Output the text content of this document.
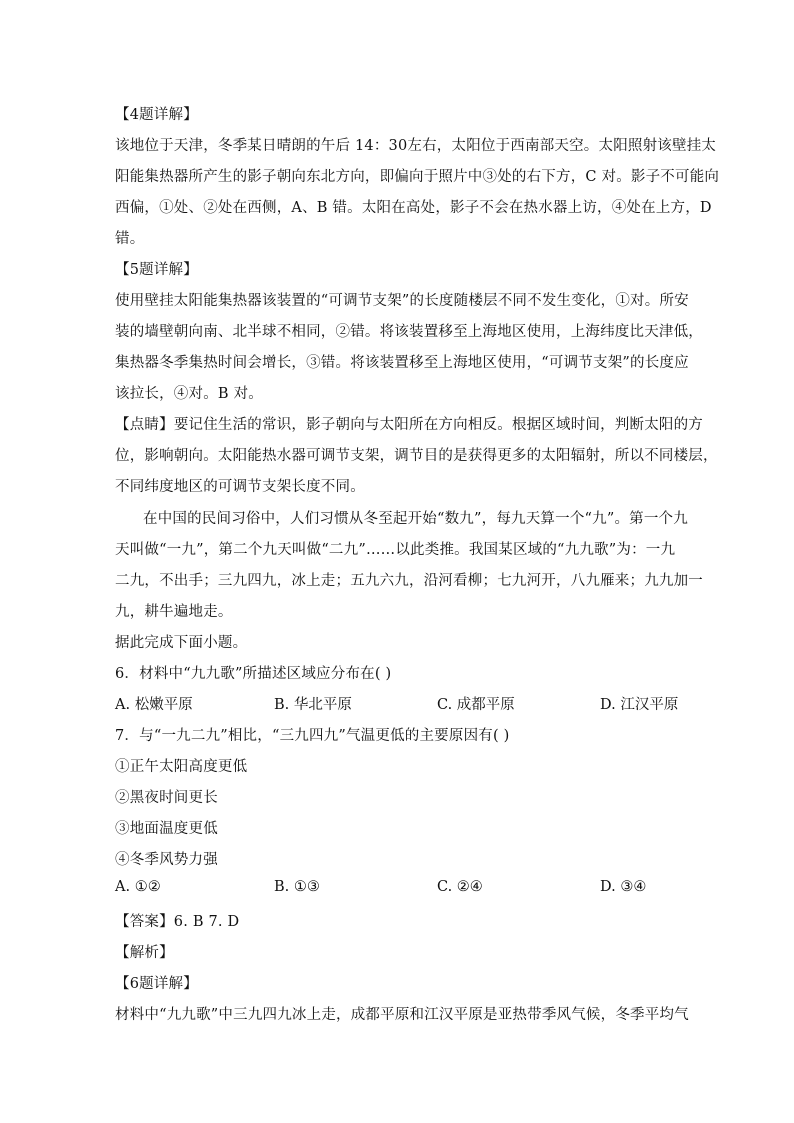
【4题详解】
该地位于天津，冬季某日晴朗的午后 14：30左右，太阳位于西南部天空。太阳照射该壁挂太
阳能集热器所产生的影子朝向东北方向，即偏向于照片中③处的右下方，C 对。影子不可能向
西偏，①处、②处在西侧，A、B 错。太阳在高处，影子不会在热水器上访，④处在上方，D
错。
【5题详解】
使用壁挂太阳能集热器该装置的“可调节支架”的长度随楼层不同不发生变化，①对。所安
装的墙壁朝向南、北半球不相同，②错。将该装置移至上海地区使用，上海纬度比天津低，
集热器冬季集热时间会增长，③错。将该装置移至上海地区使用，“可调节支架”的长度应
该拉长，④对。B 对。
【点睛】要记住生活的常识，影子朝向与太阳所在方向相反。根据区域时间，判断太阳的方
位，影响朝向。太阳能热水器可调节支架，调节目的是获得更多的太阳辐射，所以不同楼层，
不同纬度地区的可调节支架长度不同。
在中国的民间习俗中，人们习惯从冬至起开始“数九”，每九天算一个“九”。第一个九
天叫做“一九”，第二个九天叫做“二九”……以此类推。我国某区域的“九九歌”为：一九
二九，不出手；三九四九，冰上走；五九六九，沿河看柳；七九河开，八九雁来；九九加一
九，耕牛遍地走。
据此完成下面小题。
6．材料中“九九歌”所描述区域应分布在( )
A. 松嫩平原	B. 华北平原	C. 成都平原	D. 江汉平原
7．与“一九二九”相比，“三九四九”气温更低的主要原因有( )
①正午太阳高度更低
②黑夜时间更长
③地面温度更低
④冬季风势力强
A. ①②	B. ①③	C. ②④	D. ③④
【答案】6. B 7. D
【解析】
【6题详解】
材料中“九九歌”中三九四九冰上走，成都平原和江汉平原是亚热带季风气候，冬季平均气
